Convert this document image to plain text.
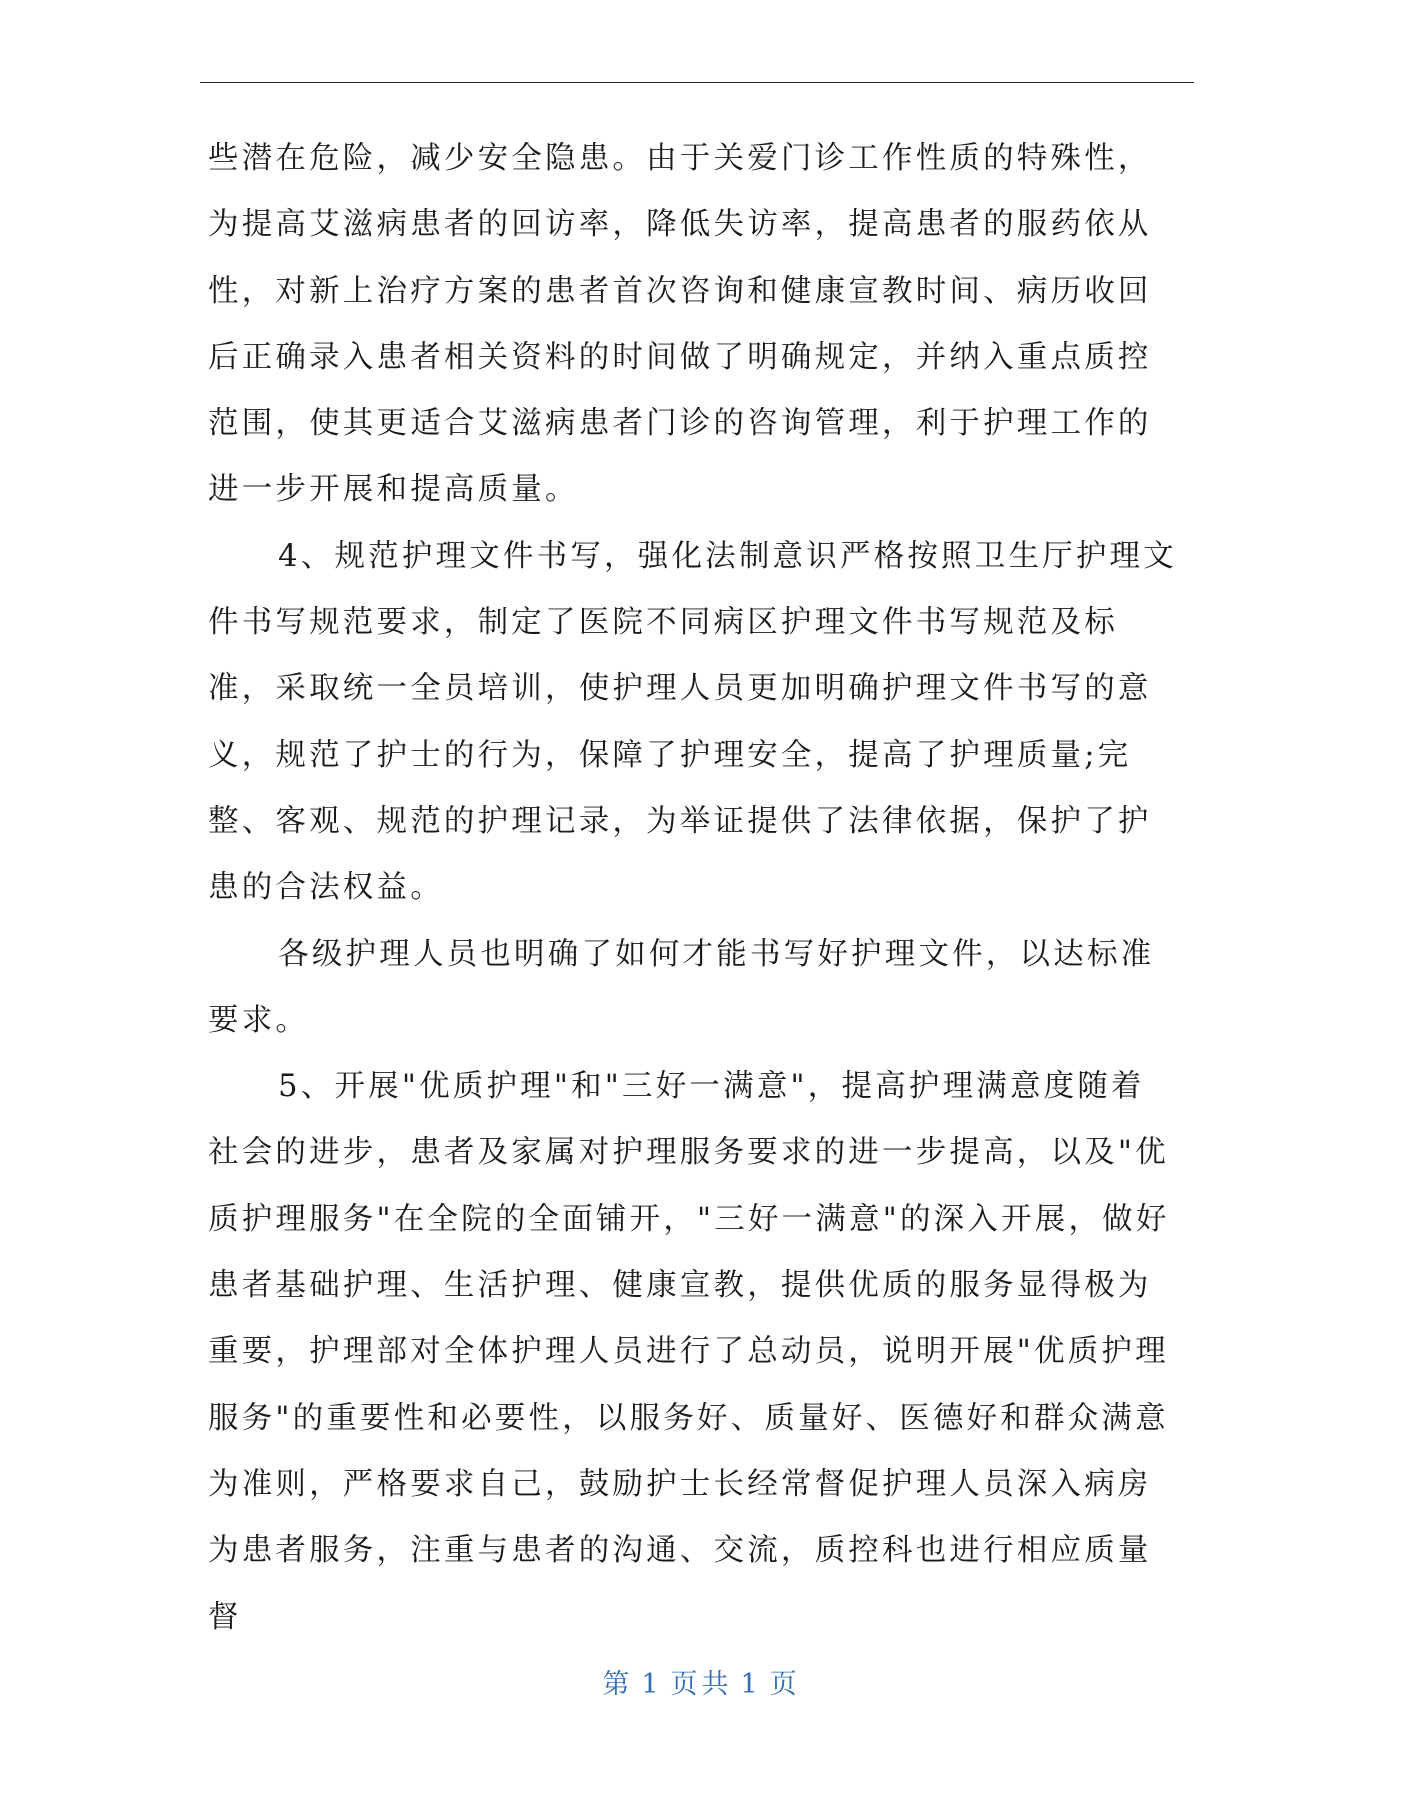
些潜在危险，减少安全隐患。由于关爱门诊工作性质的特殊性，为提高艾滋病患者的回访率，降低失访率，提高患者的服药依从性，对新上治疗方案的患者首次咨询和健康宣教时间、病历收回后正确录入患者相关资料的时间做了明确规定，并纳入重点质控范围，使其更适合艾滋病患者门诊的咨询管理，利于护理工作的进一步开展和提高质量。

4、规范护理文件书写，强化法制意识严格按照卫生厅护理文件书写规范要求，制定了医院不同病区护理文件书写规范及标准，采取统一全员培训，使护理人员更加明确护理文件书写的意义，规范了护士的行为，保障了护理安全，提高了护理质量;完整、客观、规范的护理记录，为举证提供了法律依据，保护了护患的合法权益。

各级护理人员也明确了如何才能书写好护理文件，以达标准要求。

5、开展"优质护理"和"三好一满意"，提高护理满意度随着社会的进步，患者及家属对护理服务要求的进一步提高，以及"优质护理服务"在全院的全面铺开，"三好一满意"的深入开展，做好患者基础护理、生活护理、健康宣教，提供优质的服务显得极为重要，护理部对全体护理人员进行了总动员，说明开展"优质护理服务"的重要性和必要性，以服务好、质量好、医德好和群众满意为准则，严格要求自己，鼓励护士长经常督促护理人员深入病房为患者服务，注重与患者的沟通、交流，质控科也进行相应质量督

第 1 页共 1 页
